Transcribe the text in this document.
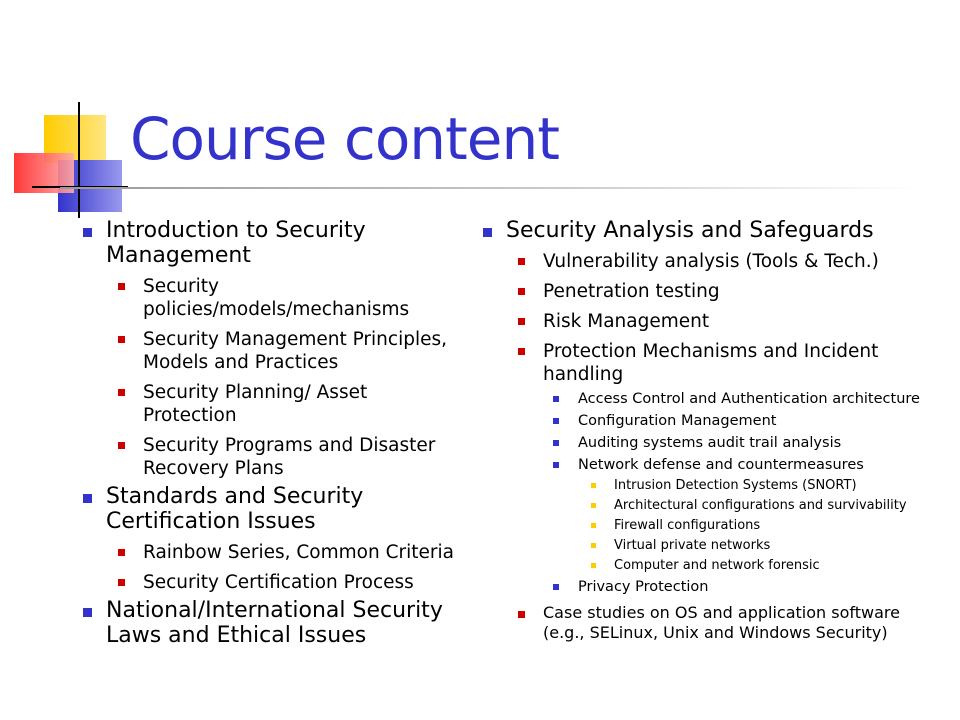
Course content
Introduction to Security
Management
Security
policies/models/mechanisms
Security Management Principles,
Models and Practices
Security Planning/ Asset
Protection
Security Programs and Disaster
Recovery Plans
Standards and Security
Certification Issues
Rainbow Series, Common Criteria
Security Certification Process
National/International Security
Laws and Ethical Issues
Security Analysis and Safeguards
Vulnerability analysis (Tools & Tech.)
Penetration testing
Risk Management
Protection Mechanisms and Incident
handling
Access Control and Authentication architecture
Configuration Management
Auditing systems audit trail analysis
Network defense and countermeasures
Intrusion Detection Systems (SNORT)
Architectural configurations and survivability
Firewall configurations
Virtual private networks
Computer and network forensic
Privacy Protection
Case studies on OS and application software
(e.g., SELinux, Unix and Windows Security)
